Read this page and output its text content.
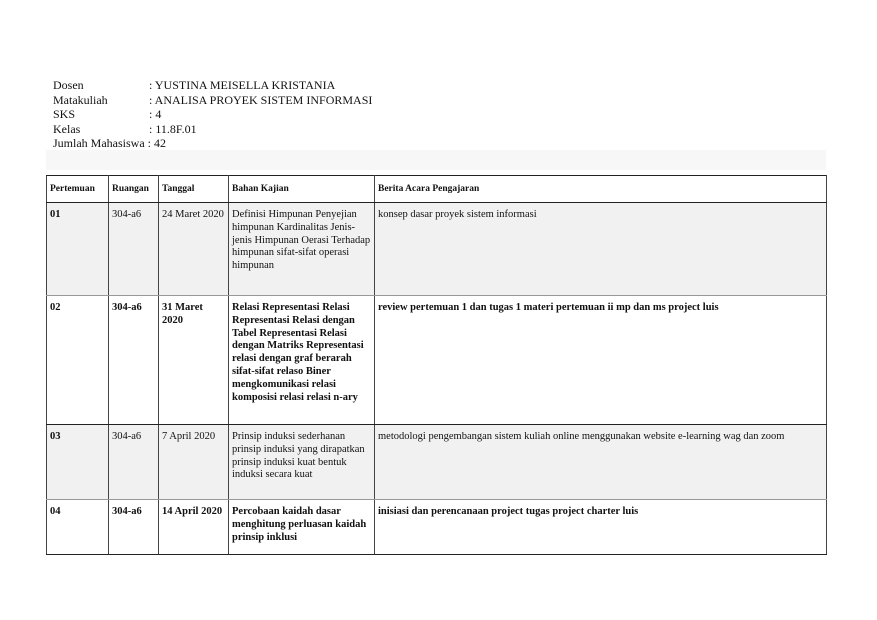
Dosen	: YUSTINA MEISELLA KRISTANIA
Matakuliah	: ANALISA PROYEK SISTEM INFORMASI
SKS	: 4
Kelas	: 11.8F.01
Jumlah Mahasiswa : 42
Pertemuan	Ruangan	Tanggal	Bahan Kajian	Berita Acara Pengajaran
01	304-a6	24 Maret 2020	Definisi Himpunan Penyejian himpunan Kardinalitas Jenis-jenis Himpunan Oerasi Terhadap himpunan sifat-sifat operasi himpunan	konsep dasar proyek sistem informasi
02	304-a6	31 Maret 2020	Relasi Representasi Relasi Representasi Relasi dengan Tabel Representasi Relasi dengan Matriks Representasi relasi dengan graf berarah sifat-sifat relaso Biner mengkomunikasi relasi komposisi relasi relasi n-ary	review pertemuan 1 dan tugas 1 materi pertemuan ii mp dan ms project luis
03	304-a6	7 April 2020	Prinsip induksi sederhanan prinsip induksi yang dirapatkan prinsip induksi kuat bentuk induksi secara kuat	metodologi pengembangan sistem kuliah online menggunakan website e-learning wag dan zoom
04	304-a6	14 April 2020	Percobaan kaidah dasar menghitung perluasan kaidah prinsip inklusi	inisiasi dan perencanaan project tugas project charter luis
